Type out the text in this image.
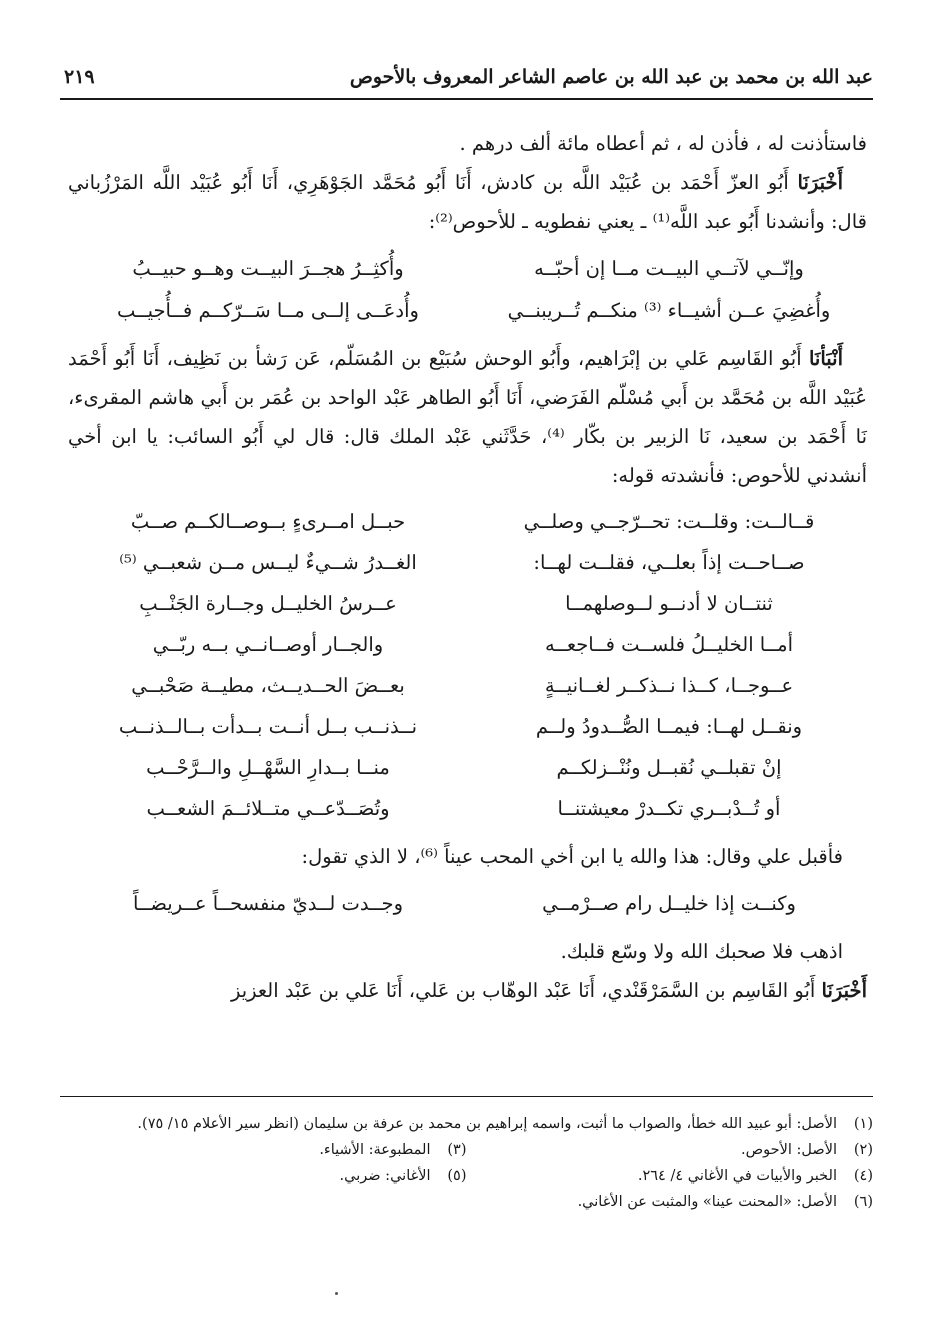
عبد الله بن محمد بن عبد الله بن عاصم الشاعر المعروف بالأحوص
٢١٩

فاستأذنت له ، فأذن له ، ثم أعطاه مائة ألف درهم .

أَخْبَرَنَا أَبُو العزّ أَحْمَد بن عُبَيْد اللَّه بن كادش، أَنَا أَبُو مُحَمَّد الجَوْهَرِي، أَنَا أَبُو عُبَيْد اللَّه المَرْزُباني قال: وأنشدنا أَبُو عبد اللَّه⁽¹⁾ ـ يعني نفطويه ـ للأحوص⁽²⁾:

وإنّــي لآتــي البيــت مــا إن أحبّــه
وأُكثِــرُ هجــرَ البيــت وهــو حبيــبُ
وأُغضِيَ عــن أشيــاء ⁽³⁾ منكــم تُــريبنــي
وأُدعَــى إلــى مــا سَــرّكــم فــأُجيــب

أَنْبَأنَا أَبُو القَاسِم عَلي بن إبْرَاهيم، وأَبُو الوحش سُبَيْع بن المُسَلّم، عَن رَشأ بن نَظِيف، أَنَا أَبُو أَحْمَد عُبَيْد اللَّه بن مُحَمَّد بن أَبي مُسْلّم الفَرَضي، أَنَا أَبُو الطاهر عَبْد الواحد بن عُمَر بن أَبي هاشم المقرىء، نَا أَحْمَد بن سعيد، نَا الزبير بن بكّار ⁽⁴⁾، حَدَّثَني عَبْد الملك قال: قال لي أَبُو السائب: يا ابن أخي أنشدني للأحوص: فأنشدته قوله:

قــالــت: وقلــت: تحــرّجــي وصلــي
حبــل امــرىءٍ بــوصــالكــم صــبّ
صــاحــت إذاً بعلــي، فقلــت لهــا:
الغــدرُ شــيءٌ ليــس مــن شعبــي ⁽⁵⁾
ثنتــان لا أدنــو لــوصلهمــا
عــرسُ الخليــل وجــارة الجَنْــبِ
أمــا الخليــلُ فلســت فــاجعــه
والجــار أوصــانــي بــه ربّــي
عــوجــا، كــذا نــذكــر لغــانيــةٍ
بعــضَ الحــديــث، مطيــة صَحْبــي
ونقــل لهــا: فيمــا الصُّــدودُ ولــم
نــذنــب بــل أنــت بــدأت بــالــذنــب
إنْ تقبلــي نُقبــل ونُنْــزلكــم
منــا بــدارِ السَّهْــلِ والــرَّحْــب
أو تُــدْبــري تكــدرْ معيشتنــا
وتُصَــدّعــي متــلائــمَ الشعــب

فأقبل علي وقال: هذا والله يا ابن أخي المحب عيناً ⁽⁶⁾، لا الذي تقول:

وكنــت إذا خليــل رام صــرْمــي
وجــدت لــديّ منفسحــاً عــريضــاً

اذهب فلا صحبك الله ولا وسّع قلبك.

أَخْبَرَنَا أَبُو القَاسِم بن السَّمَرْقَنْدي، أَنَا عَبْد الوهّاب بن عَلي، أَنَا عَلي بن عَبْد العزيز

(١)
الأصل: أبو عبيد الله خطأ، والصواب ما أثبت، واسمه إبراهيم بن محمد بن عرفة بن سليمان (انظر سير الأعلام ١٥/ ٧٥).
(٢)
الأصل: الأحوص.
(٣)
المطبوعة: الأشياء.
(٤)
الخبر والأبيات في الأغاني ٤/ ٢٦٤.
(٥)
الأغاني: ضربي.
(٦)
الأصل: «المحنت عينا» والمثبت عن الأغاني.
